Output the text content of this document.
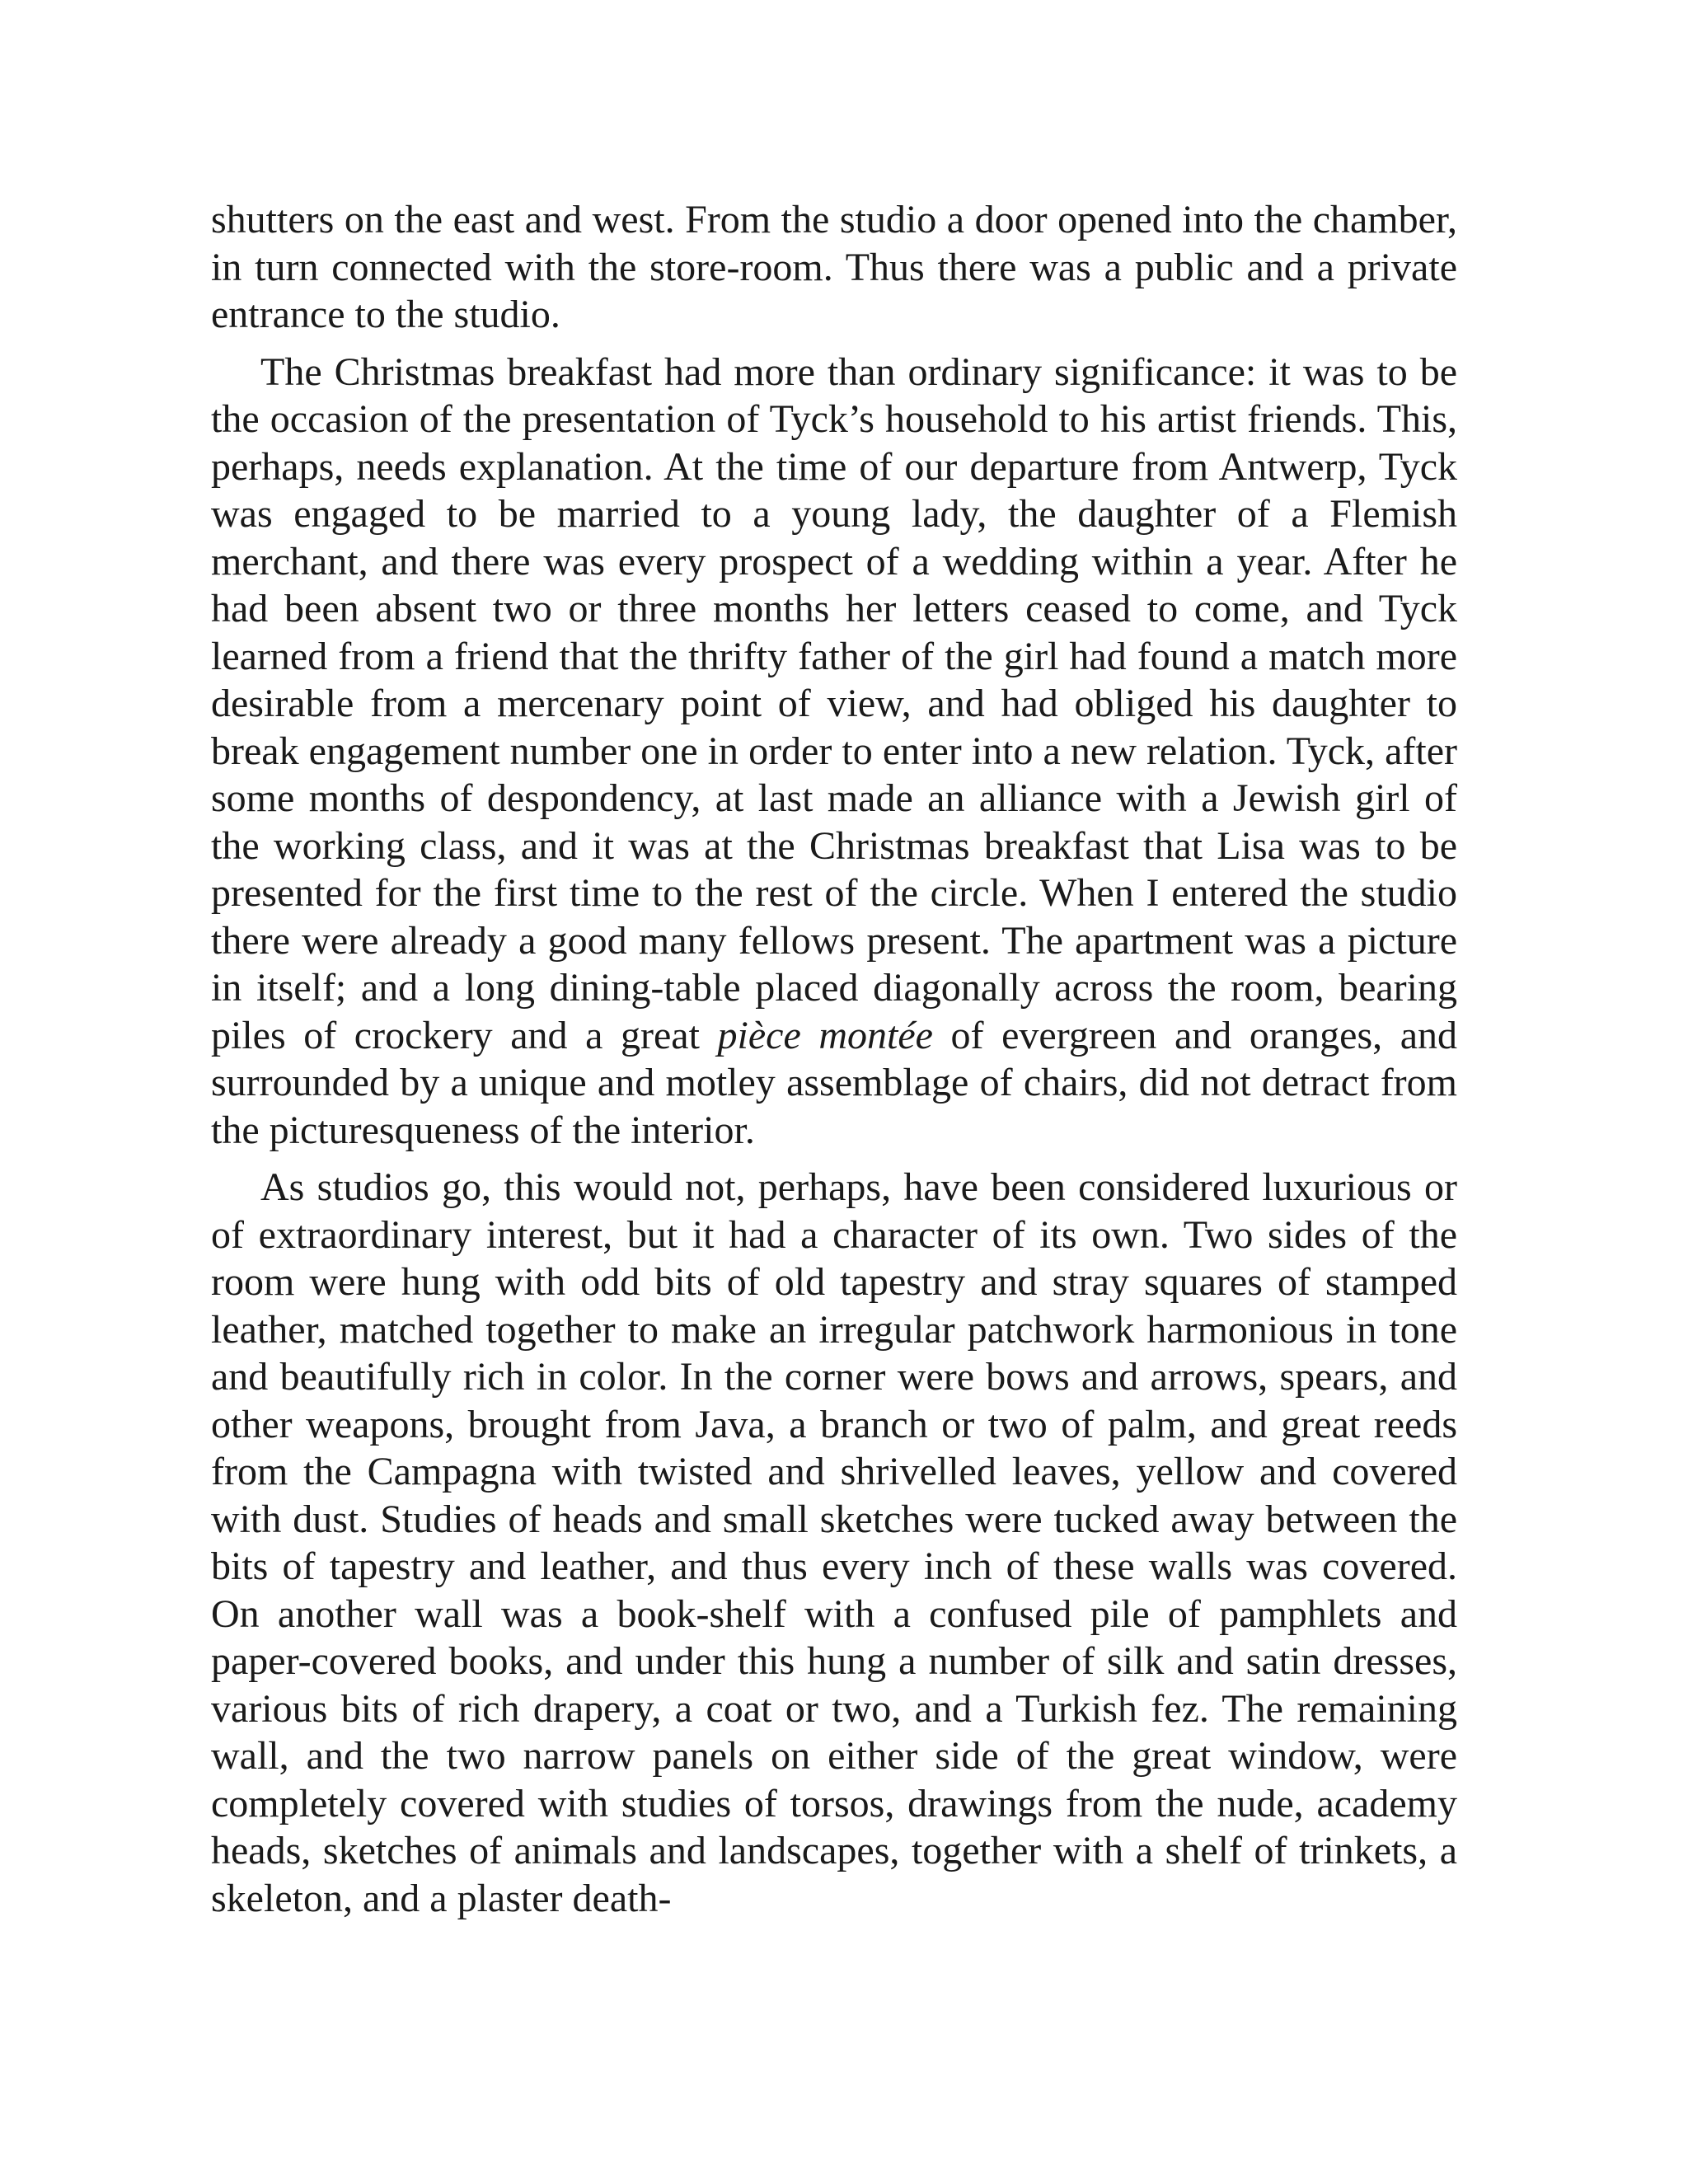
shutters on the east and west. From the studio a door opened into the chamber, in turn connected with the store-room. Thus there was a public and a private entrance to the studio.

The Christmas breakfast had more than ordinary significance: it was to be the occasion of the presentation of Tyck’s household to his artist friends. This, perhaps, needs explanation. At the time of our departure from Antwerp, Tyck was engaged to be married to a young lady, the daughter of a Flemish merchant, and there was every prospect of a wedding within a year. After he had been absent two or three months her letters ceased to come, and Tyck learned from a friend that the thrifty father of the girl had found a match more desirable from a mercenary point of view, and had obliged his daughter to break engagement number one in order to enter into a new relation. Tyck, after some months of despondency, at last made an alliance with a Jewish girl of the working class, and it was at the Christmas breakfast that Lisa was to be presented for the first time to the rest of the circle. When I entered the studio there were already a good many fellows present. The apartment was a picture in itself; and a long dining-table placed diagonally across the room, bearing piles of crockery and a great pièce montée of evergreen and oranges, and surrounded by a unique and motley assemblage of chairs, did not detract from the picturesqueness of the interior.

As studios go, this would not, perhaps, have been considered luxurious or of extraordinary interest, but it had a character of its own. Two sides of the room were hung with odd bits of old tapestry and stray squares of stamped leather, matched together to make an irregular patchwork harmonious in tone and beautifully rich in color. In the corner were bows and arrows, spears, and other weapons, brought from Java, a branch or two of palm, and great reeds from the Campagna with twisted and shrivelled leaves, yellow and covered with dust. Studies of heads and small sketches were tucked away between the bits of tapestry and leather, and thus every inch of these walls was covered. On another wall was a book-shelf with a confused pile of pamphlets and paper-covered books, and under this hung a number of silk and satin dresses, various bits of rich drapery, a coat or two, and a Turkish fez. The remaining wall, and the two narrow panels on either side of the great window, were completely covered with studies of torsos, drawings from the nude, academy heads, sketches of animals and landscapes, together with a shelf of trinkets, a skeleton, and a plaster death-
